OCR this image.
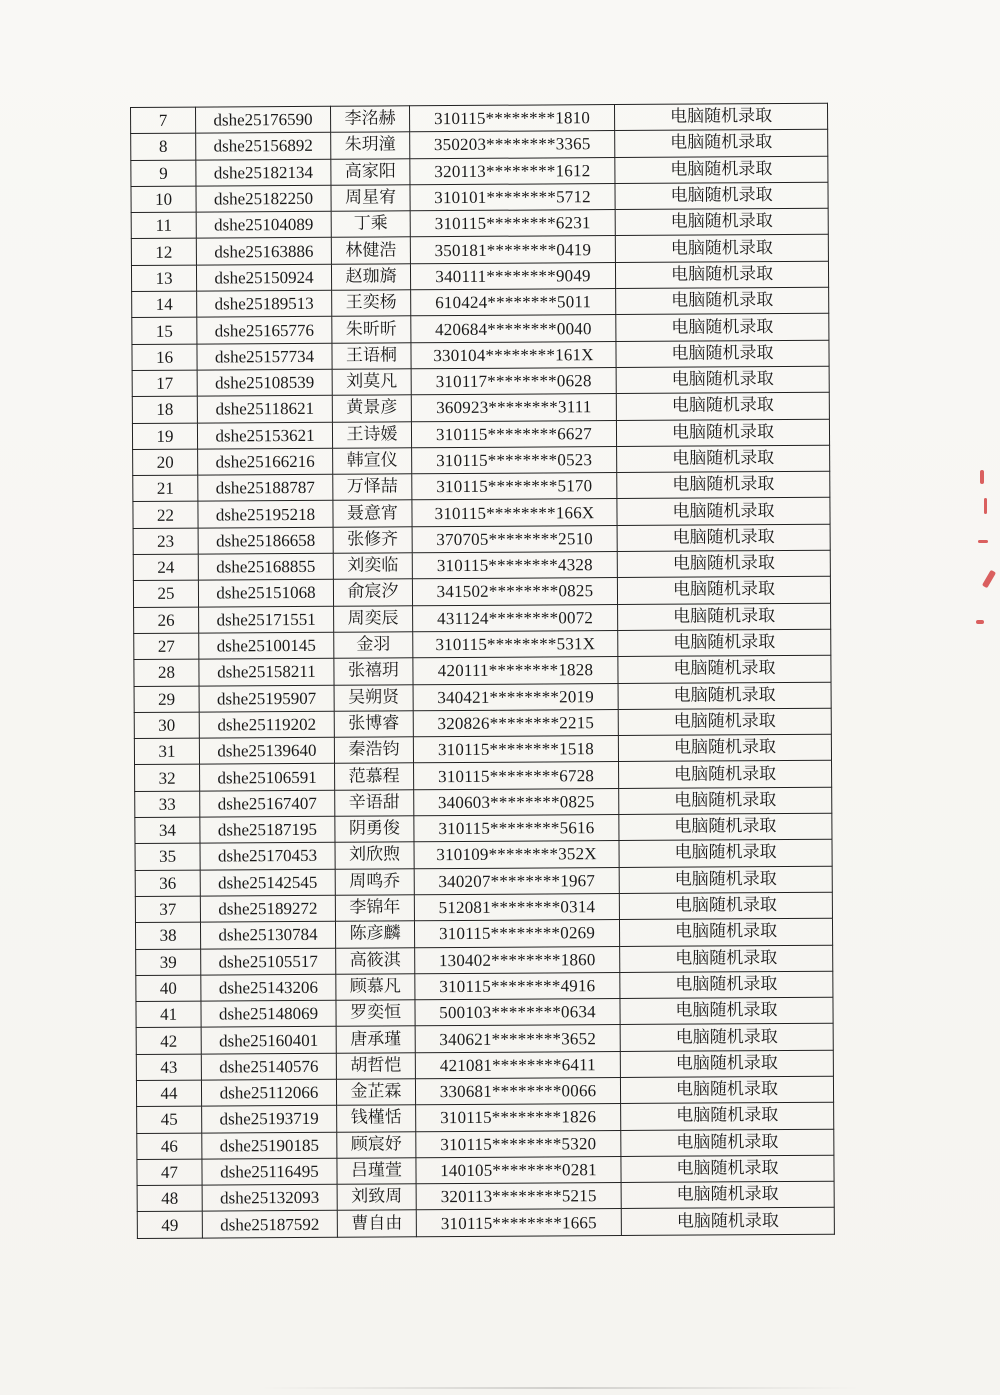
7	dshe25176590	李洺赫	310115********1810	电脑随机录取
8	dshe25156892	朱玥潼	350203********3365	电脑随机录取
9	dshe25182134	高家阳	320113********1612	电脑随机录取
10	dshe25182250	周星宥	310101********5712	电脑随机录取
11	dshe25104089	丁乘	310115********6231	电脑随机录取
12	dshe25163886	林健浩	350181********0419	电脑随机录取
13	dshe25150924	赵珈旖	340111********9049	电脑随机录取
14	dshe25189513	王奕杨	610424********5011	电脑随机录取
15	dshe25165776	朱昕昕	420684********0040	电脑随机录取
16	dshe25157734	王语桐	330104********161X	电脑随机录取
17	dshe25108539	刘莫凡	310117********0628	电脑随机录取
18	dshe25118621	黄景彦	360923********3111	电脑随机录取
19	dshe25153621	王诗媛	310115********6627	电脑随机录取
20	dshe25166216	韩宣仪	310115********0523	电脑随机录取
21	dshe25188787	万怿喆	310115********5170	电脑随机录取
22	dshe25195218	聂意宵	310115********166X	电脑随机录取
23	dshe25186658	张修齐	370705********2510	电脑随机录取
24	dshe25168855	刘奕临	310115********4328	电脑随机录取
25	dshe25151068	俞宸汐	341502********0825	电脑随机录取
26	dshe25171551	周奕辰	431124********0072	电脑随机录取
27	dshe25100145	金羽	310115********531X	电脑随机录取
28	dshe25158211	张禧玥	420111********1828	电脑随机录取
29	dshe25195907	吴朔贤	340421********2019	电脑随机录取
30	dshe25119202	张博睿	320826********2215	电脑随机录取
31	dshe25139640	秦浩钧	310115********1518	电脑随机录取
32	dshe25106591	范慕程	310115********6728	电脑随机录取
33	dshe25167407	辛语甜	340603********0825	电脑随机录取
34	dshe25187195	阴勇俊	310115********5616	电脑随机录取
35	dshe25170453	刘欣煦	310109********352X	电脑随机录取
36	dshe25142545	周鸣乔	340207********1967	电脑随机录取
37	dshe25189272	李锦年	512081********0314	电脑随机录取
38	dshe25130784	陈彦麟	310115********0269	电脑随机录取
39	dshe25105517	高筱淇	130402********1860	电脑随机录取
40	dshe25143206	顾慕凡	310115********4916	电脑随机录取
41	dshe25148069	罗奕恒	500103********0634	电脑随机录取
42	dshe25160401	唐承瑾	340621********3652	电脑随机录取
43	dshe25140576	胡哲恺	421081********6411	电脑随机录取
44	dshe25112066	金芷霖	330681********0066	电脑随机录取
45	dshe25193719	钱槿恬	310115********1826	电脑随机录取
46	dshe25190185	顾宸妤	310115********5320	电脑随机录取
47	dshe25116495	吕瑾萱	140105********0281	电脑随机录取
48	dshe25132093	刘致周	320113********5215	电脑随机录取
49	dshe25187592	曹自由	310115********1665	电脑随机录取
